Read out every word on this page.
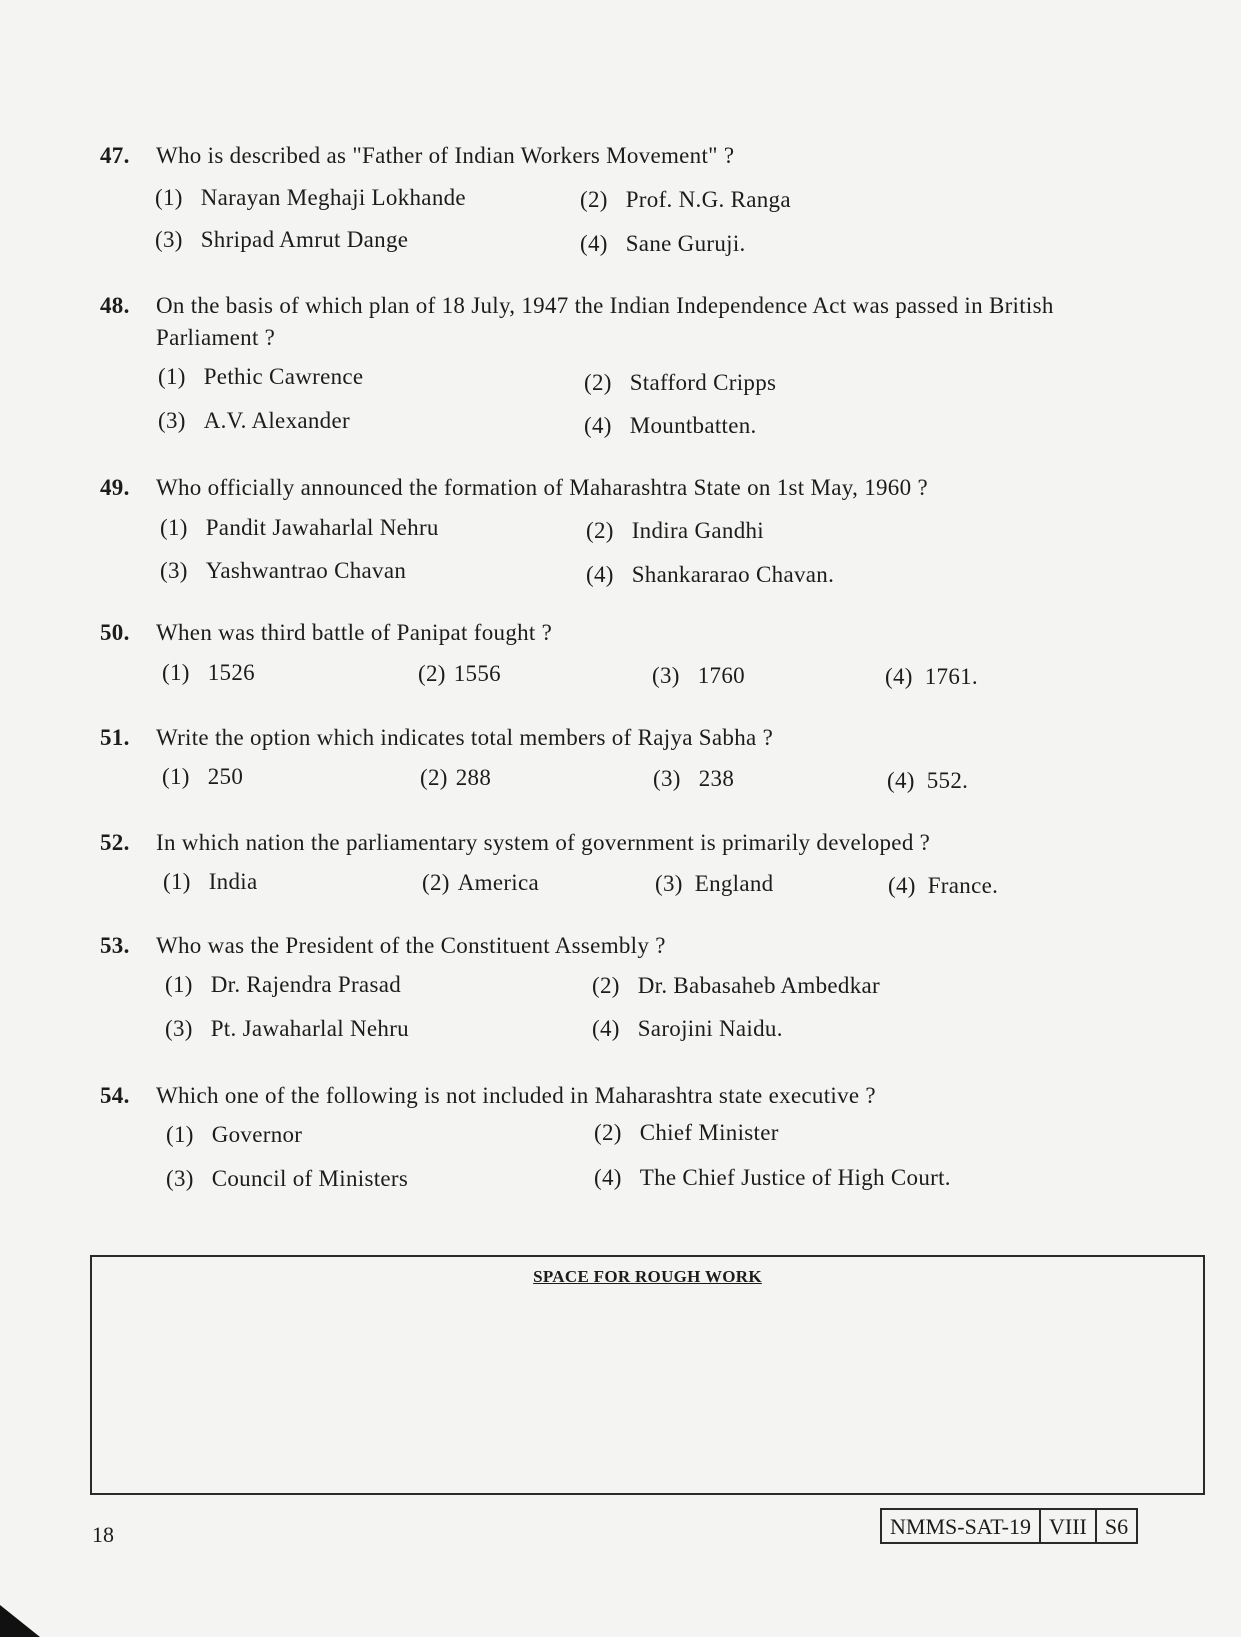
47. Who is described as "Father of Indian Workers Movement" ?
(1) Narayan Meghaji Lokhande	(2) Prof. N.G. Ranga
(3) Shripad Amrut Dange	(4) Sane Guruji.
48. On the basis of which plan of 18 July, 1947 the Indian Independence Act was passed in British Parliament ?
(1) Pethic Cawrence	(2) Stafford Cripps
(3) A.V. Alexander	(4) Mountbatten.
49. Who officially announced the formation of Maharashtra State on 1st May, 1960 ?
(1) Pandit Jawaharlal Nehru	(2) Indira Gandhi
(3) Yashwantrao Chavan	(4) Shankararao Chavan.
50. When was third battle of Panipat fought ?
(1) 1526	(2) 1556	(3) 1760	(4) 1761.
51. Write the option which indicates total members of Rajya Sabha ?
(1) 250	(2) 288	(3) 238	(4) 552.
52. In which nation the parliamentary system of government is primarily developed ?
(1) India	(2) America	(3) England	(4) France.
53. Who was the President of the Constituent Assembly ?
(1) Dr. Rajendra Prasad	(2) Dr. Babasaheb Ambedkar
(3) Pt. Jawaharlal Nehru	(4) Sarojini Naidu.
54. Which one of the following is not included in Maharashtra state executive ?
(1) Governor	(2) Chief Minister
(3) Council of Ministers	(4) The Chief Justice of High Court.
SPACE FOR ROUGH WORK
18	NMMS-SAT-19 VIII S6
